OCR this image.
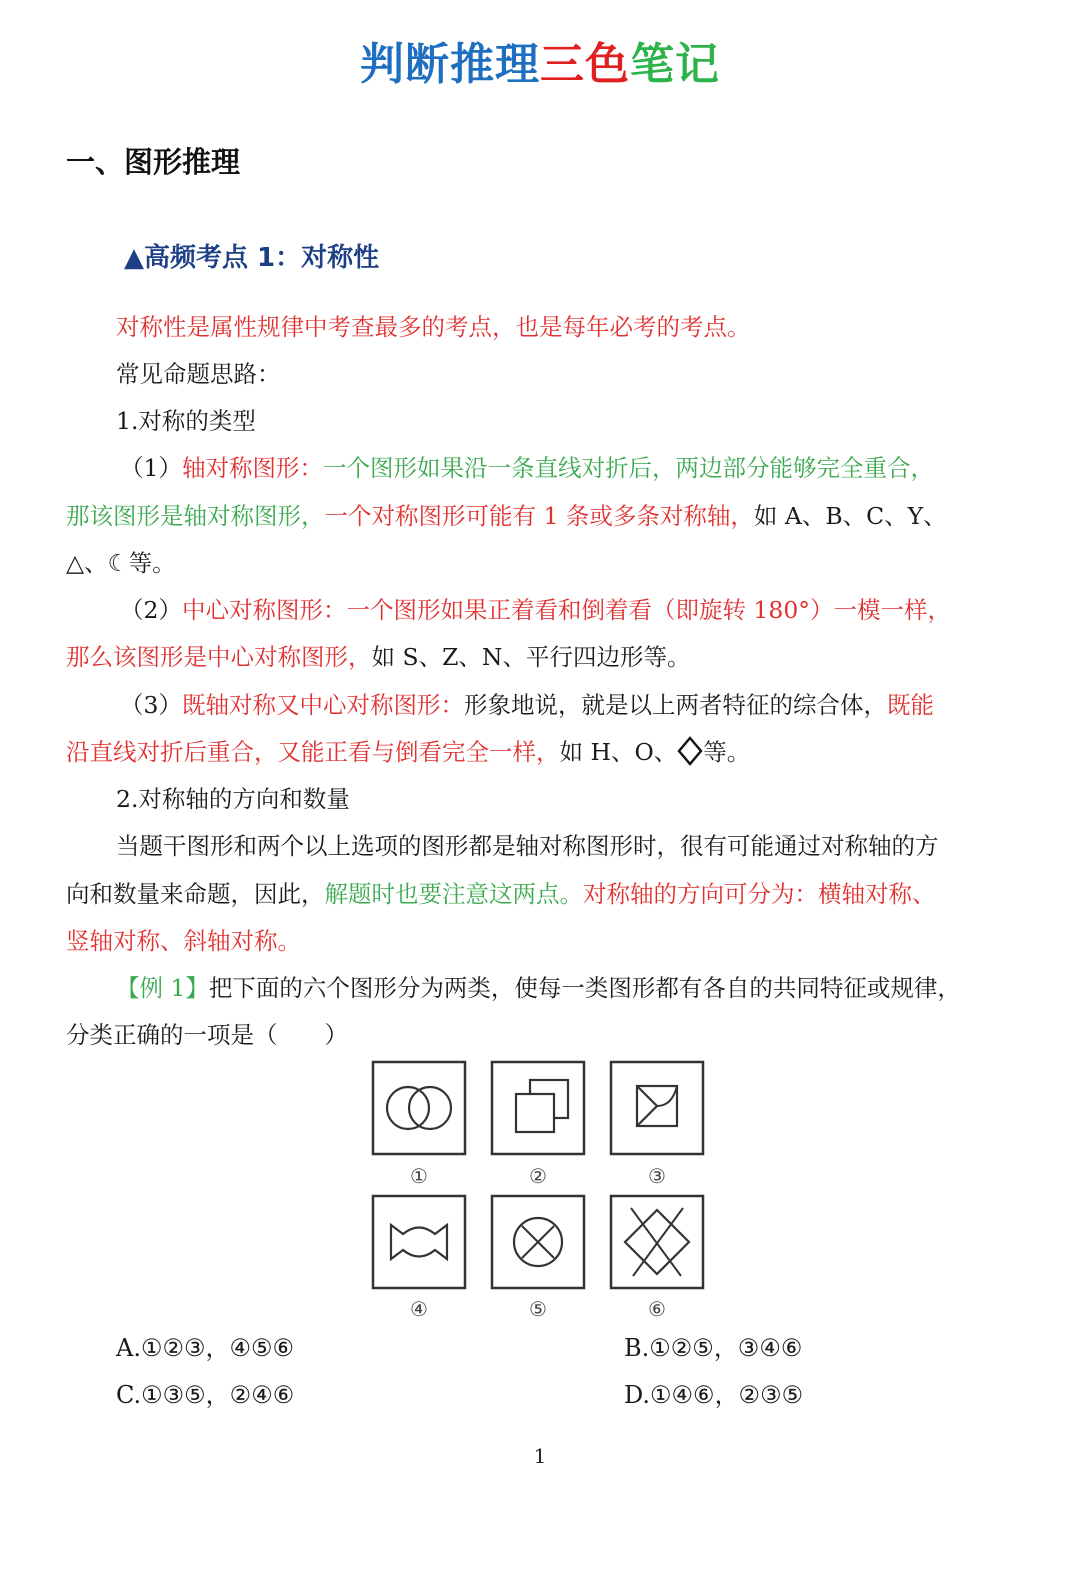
判断推理三色笔记
一、图形推理
▲高频考点 1：对称性
对称性是属性规律中考查最多的考点，也是每年必考的考点。
常见命题思路：
1.对称的类型
（1）轴对称图形：一个图形如果沿一条直线对折后，两边部分能够完全重合，
那该图形是轴对称图形，一个对称图形可能有 1 条或多条对称轴，如 A、B、C、Y、
△、☾等。
（2）中心对称图形：一个图形如果正着看和倒着看（即旋转 180°）一模一样，
那么该图形是中心对称图形，如 S、Z、N、平行四边形等。
（3）既轴对称又中心对称图形：形象地说，就是以上两者特征的综合体，既能
沿直线对折后重合，又能正看与倒看完全一样，如 H、O、 等。
2.对称轴的方向和数量
当题干图形和两个以上选项的图形都是轴对称图形时，很有可能通过对称轴的方
向和数量来命题，因此，解题时也要注意这两点。对称轴的方向可分为：横轴对称、
竖轴对称、斜轴对称。
【例 1】把下面的六个图形分为两类，使每一类图形都有各自的共同特征或规律，
分类正确的一项是（　　）
①	②	③
④	⑤	⑥
A.①②③，④⑤⑥	B.①②⑤，③④⑥
C.①③⑤，②④⑥	D.①④⑥，②③⑤
1
